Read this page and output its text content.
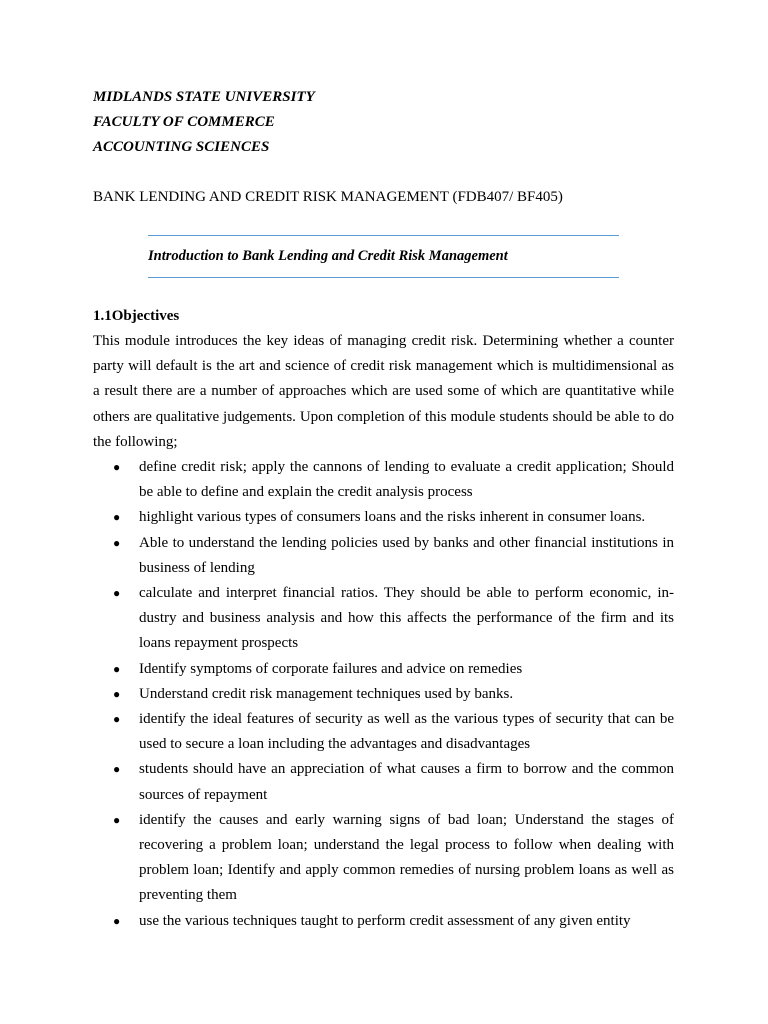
MIDLANDS STATE UNIVERSITY
FACULTY OF COMMERCE
ACCOUNTING SCIENCES
BANK LENDING AND CREDIT RISK MANAGEMENT (FDB407/ BF405)
Introduction to Bank Lending and Credit Risk Management
1.1Objectives

This module introduces the key ideas of managing credit risk. Determining whether a counter party will default is the art and science of credit risk management which is multidimensional as a result there are a number of approaches which are used some of which are quantitative while others are qualitative judgements. Upon completion of this module students should be able to do the following;

● define credit risk; apply the cannons of lending to evaluate a credit application; Should be able to define and explain the credit analysis process
● highlight various types of consumers loans and the risks inherent in consumer loans.
● Able to understand the lending policies used by banks and other financial institutions in business of lending
● calculate and interpret financial ratios. They should be able to perform economic, in-dustry and business analysis and how this affects the performance of the firm and its loans repayment prospects
● Identify symptoms of corporate failures and advice on remedies
● Understand credit risk management techniques used by banks.
● identify the ideal features of security as well as the various types of security that can be used to secure a loan including the advantages and disadvantages
● students should have an appreciation of what causes a firm to borrow and the common sources of repayment
● identify the causes and early warning signs of bad loan; Understand the stages of recovering a problem loan; understand the legal process to follow when dealing with problem loan; Identify and apply common remedies of nursing problem loans as well as preventing them
● use the various techniques taught to perform credit assessment of any given entity
